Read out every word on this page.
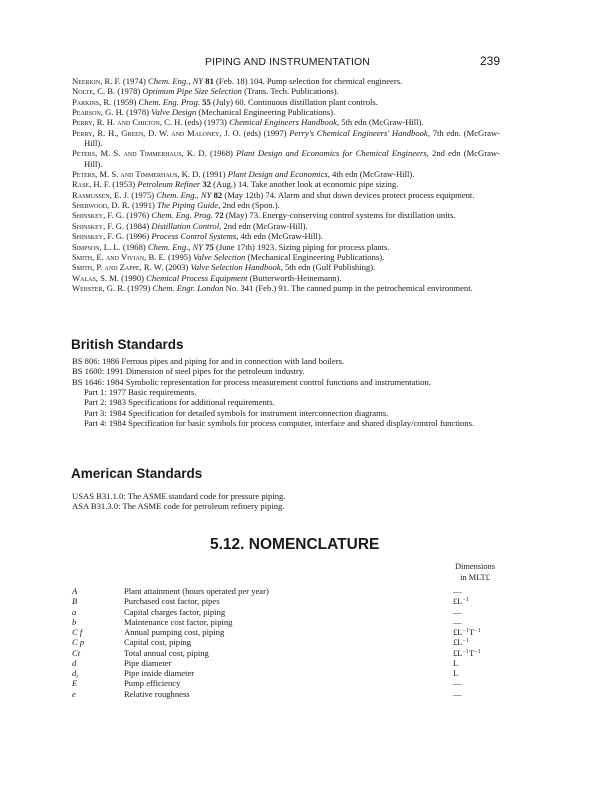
PIPING AND INSTRUMENTATION	239
Neerkin, R. F. (1974) Chem. Eng., NY 81 (Feb. 18) 104. Pump selection for chemical engineers.
Nolte, C. B. (1978) Optimum Pipe Size Selection (Trans. Tech. Publications).
Parkins, R. (1959) Chem. Eng. Prog. 55 (July) 60. Continuous distillation plant controls.
Pearson, G. H. (1978) Valve Design (Mechanical Engineering Publications).
Perry, R. H. and Chilton, C. H. (eds) (1973) Chemical Engineers Handbook, 5th edn (McGraw-Hill).
Perry, R. H., Green, D. W. and Maloney, J. O. (eds) (1997) Perry's Chemical Engineers' Handbook, 7th edn. (McGraw-Hill).
Peters, M. S. and Timmerhaus, K. D. (1968) Plant Design and Economics for Chemical Engineers, 2nd edn (McGraw-Hill).
Peters, M. S. and Timmerhaus, K. D. (1991) Plant Design and Economics, 4th edn (McGraw-Hill).
Rase, H. F. (1953) Petroleum Refiner 32 (Aug.) 14. Take another look at economic pipe sizing.
Rasmussen, E. J. (1975) Chem. Eng., NY 82 (May 12th) 74. Alarm and shut down devices protect process equipment.
Sherwood, D. R. (1991) The Piping Guide, 2nd edn (Spon.).
Shinskey, F. G. (1976) Chem. Eng. Prog. 72 (May) 73. Energy-conserving control systems for distillation units.
Shinskey, F. G. (1984) Distillation Control, 2nd edn (McGraw-Hill).
Shinskey, F. G. (1996) Process Control Systems, 4th edn (McGraw-Hill).
Simpson, L. L. (1968) Chem. Eng., NY 75 (June 17th) 1923. Sizing piping for process plants.
Smith, E. and Vivian, B. E. (1995) Valve Selection (Mechanical Engineering Publications).
Smith, P. and Zappe, R. W. (2003) Valve Selection Handbook, 5th edn (Gulf Publishing).
Walas, S. M. (1990) Chemical Process Equipment (Butterworth-Heinemann).
Webster, G. R. (1979) Chem. Engr. London No. 341 (Feb.) 91. The canned pump in the petrochemical environment.
British Standards
BS 806: 1986 Ferrous pipes and piping for and in connection with land boilers.
BS 1600: 1991 Dimension of steel pipes for the petroleum industry.
BS 1646: 1984 Symbolic representation for process measurement control functions and instrumentation.
Part 1: 1977 Basic requirements.
Part 2: 1983 Specifications for additional requirements.
Part 3: 1984 Specification for detailed symbols for instrument interconnection diagrams.
Part 4: 1984 Specification for basic symbols for process computer, interface and shared display/control functions.
American Standards
USAS B31.1.0: The ASME standard code for pressure piping.
ASA B31.3.0: The ASME code for petroleum refinery piping.
5.12. NOMENCLATURE
Dimensions
in MLT£
A	Plant attainment (hours operated per year)	—
B	Purchased cost factor, pipes	$£L^{-1}$
a	Capital charges factor, piping	—
b	Maintenance cost factor, piping	—
C f	Annual pumping cost, piping	$£L^{-1}T^{-1}$
C p	Capital cost, piping	$£L^{-1}$
Ct	Total annual cost, piping	$£L^{-1}T^{-1}$
d	Pipe diameter	L
$d_i$	Pipe inside diameter	L
E	Pump efficiency	—
e	Relative roughness	—
